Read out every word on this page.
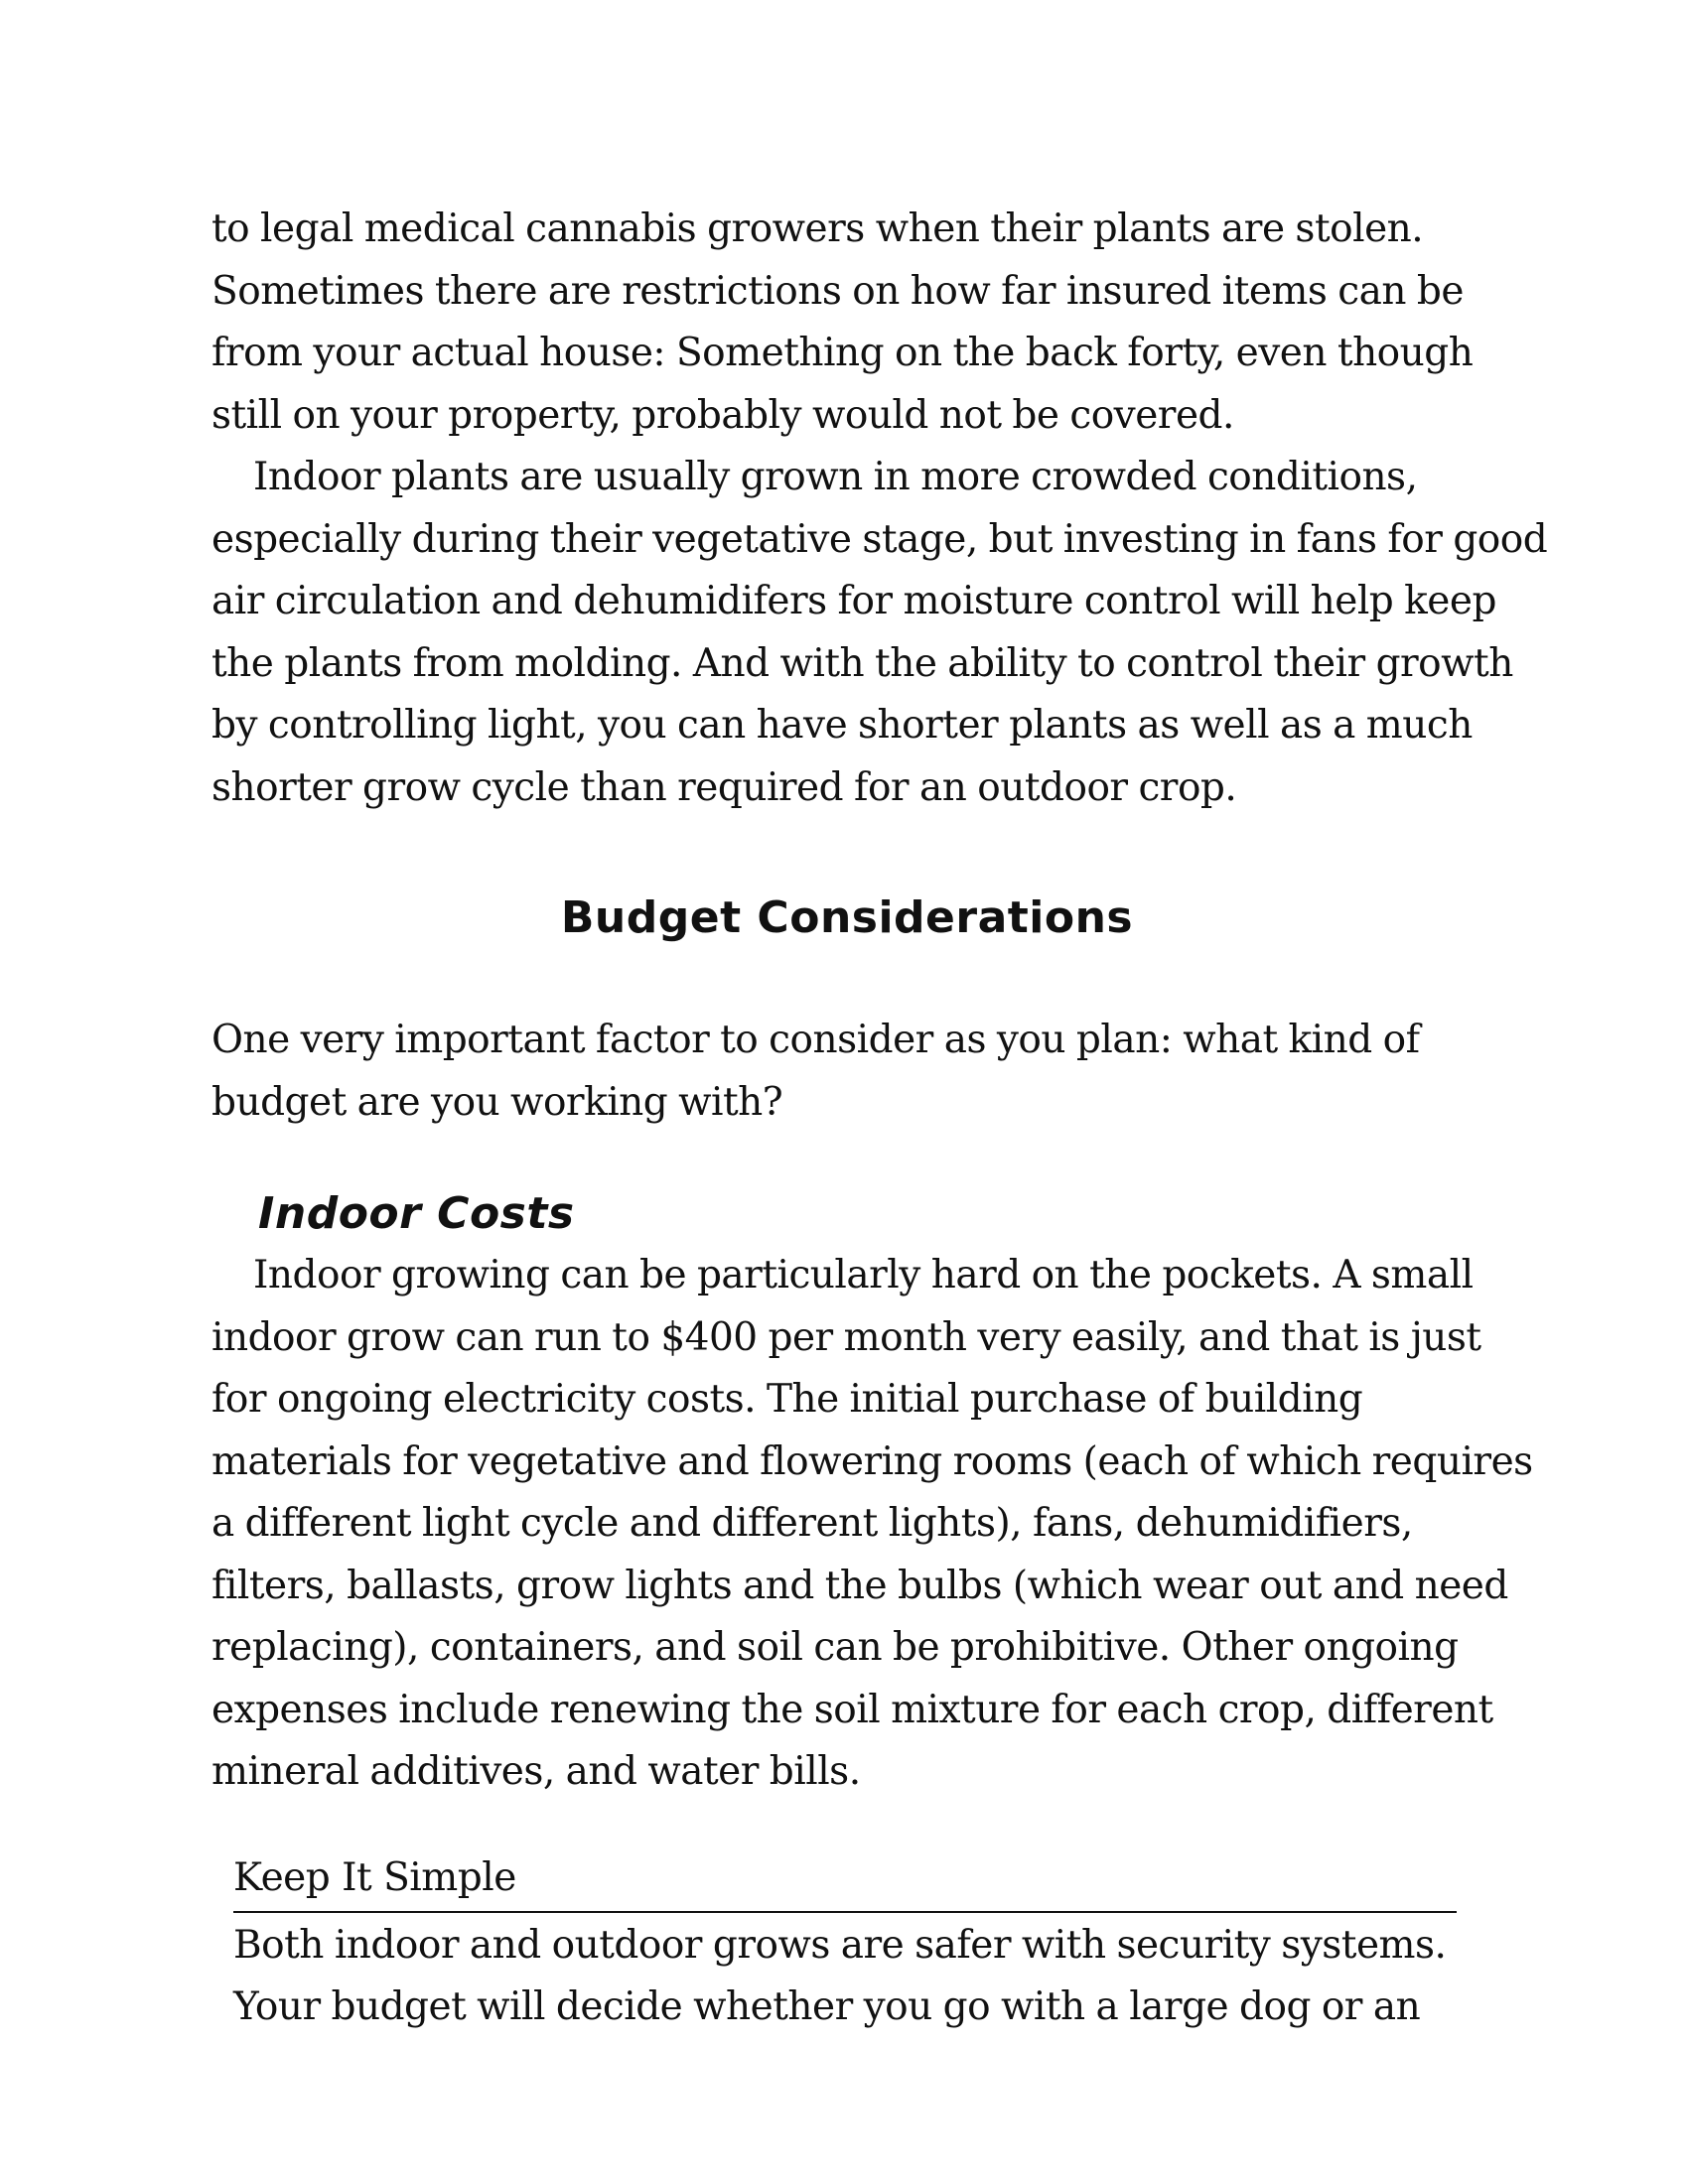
to legal medical cannabis growers when their plants are stolen.
Sometimes there are restrictions on how far insured items can be
from your actual house: Something on the back forty, even though
still on your property, probably would not be covered.

Indoor plants are usually grown in more crowded conditions,
especially during their vegetative stage, but investing in fans for good
air circulation and dehumidifers for moisture control will help keep
the plants from molding. And with the ability to control their growth
by controlling light, you can have shorter plants as well as a much
shorter grow cycle than required for an outdoor crop.

Budget Considerations

One very important factor to consider as you plan: what kind of
budget are you working with?

Indoor Costs

Indoor growing can be particularly hard on the pockets. A small
indoor grow can run to $400 per month very easily, and that is just
for ongoing electricity costs. The initial purchase of building
materials for vegetative and flowering rooms (each of which requires
a different light cycle and different lights), fans, dehumidifiers,
filters, ballasts, grow lights and the bulbs (which wear out and need
replacing), containers, and soil can be prohibitive. Other ongoing
expenses include renewing the soil mixture for each crop, different
mineral additives, and water bills.

Keep It Simple

Both indoor and outdoor grows are safer with security systems.
Your budget will decide whether you go with a large dog or an
